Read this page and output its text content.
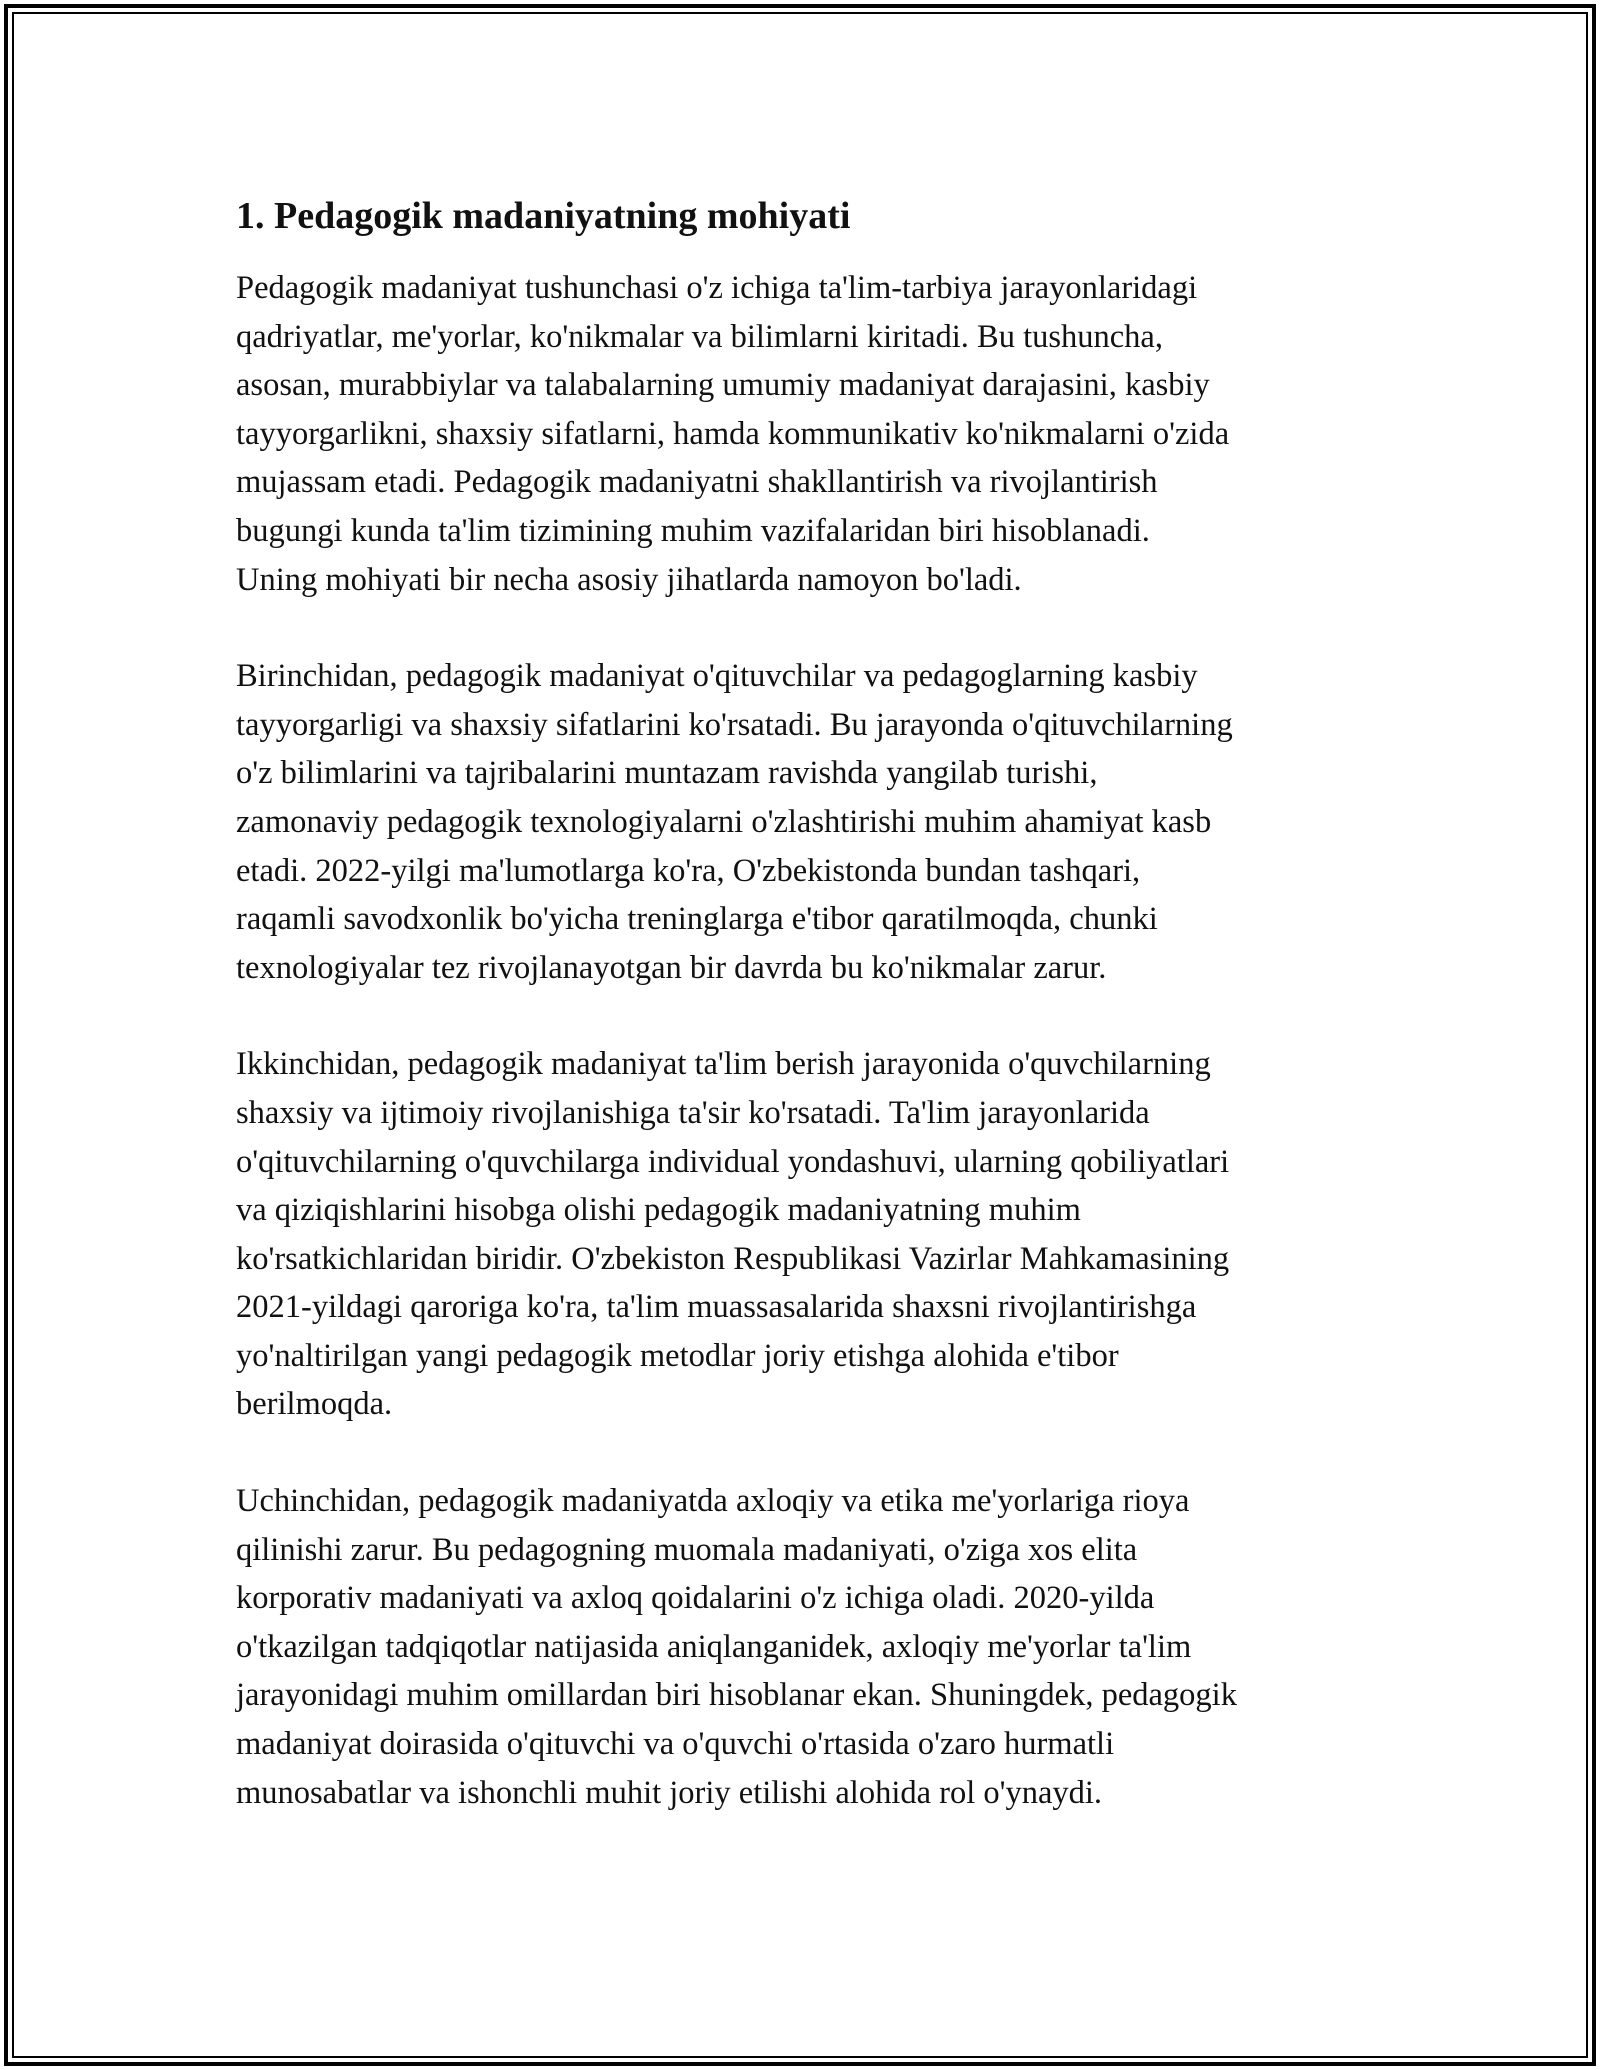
1. Pedagogik madaniyatning mohiyati

Pedagogik madaniyat tushunchasi o'z ichiga ta'lim-tarbiya jarayonlaridagi
qadriyatlar, me'yorlar, ko'nikmalar va bilimlarni kiritadi. Bu tushuncha,
asosan, murabbiylar va talabalarning umumiy madaniyat darajasini, kasbiy
tayyorgarlikni, shaxsiy sifatlarni, hamda kommunikativ ko'nikmalarni o'zida
mujassam etadi. Pedagogik madaniyatni shakllantirish va rivojlantirish
bugungi kunda ta'lim tizimining muhim vazifalaridan biri hisoblanadi.
Uning mohiyati bir necha asosiy jihatlarda namoyon bo'ladi.

Birinchidan, pedagogik madaniyat o'qituvchilar va pedagoglarning kasbiy
tayyorgarligi va shaxsiy sifatlarini ko'rsatadi. Bu jarayonda o'qituvchilarning
o'z bilimlarini va tajribalarini muntazam ravishda yangilab turishi,
zamonaviy pedagogik texnologiyalarni o'zlashtirishi muhim ahamiyat kasb
etadi. 2022-yilgi ma'lumotlarga ko'ra, O'zbekistonda bundan tashqari,
raqamli savodxonlik bo'yicha treninglarga e'tibor qaratilmoqda, chunki
texnologiyalar tez rivojlanayotgan bir davrda bu ko'nikmalar zarur.

Ikkinchidan, pedagogik madaniyat ta'lim berish jarayonida o'quvchilarning
shaxsiy va ijtimoiy rivojlanishiga ta'sir ko'rsatadi. Ta'lim jarayonlarida
o'qituvchilarning o'quvchilarga individual yondashuvi, ularning qobiliyatlari
va qiziqishlarini hisobga olishi pedagogik madaniyatning muhim
ko'rsatkichlaridan biridir. O'zbekiston Respublikasi Vazirlar Mahkamasining
2021-yildagi qaroriga ko'ra, ta'lim muassasalarida shaxsni rivojlantirishga
yo'naltirilgan yangi pedagogik metodlar joriy etishga alohida e'tibor
berilmoqda.

Uchinchidan, pedagogik madaniyatda axloqiy va etika me'yorlariga rioya
qilinishi zarur. Bu pedagogning muomala madaniyati, o'ziga xos elita
korporativ madaniyati va axloq qoidalarini o'z ichiga oladi. 2020-yilda
o'tkazilgan tadqiqotlar natijasida aniqlanganidek, axloqiy me'yorlar ta'lim
jarayonidagi muhim omillardan biri hisoblanar ekan. Shuningdek, pedagogik
madaniyat doirasida o'qituvchi va o'quvchi o'rtasida o'zaro hurmatli
munosabatlar va ishonchli muhit joriy etilishi alohida rol o'ynaydi.
